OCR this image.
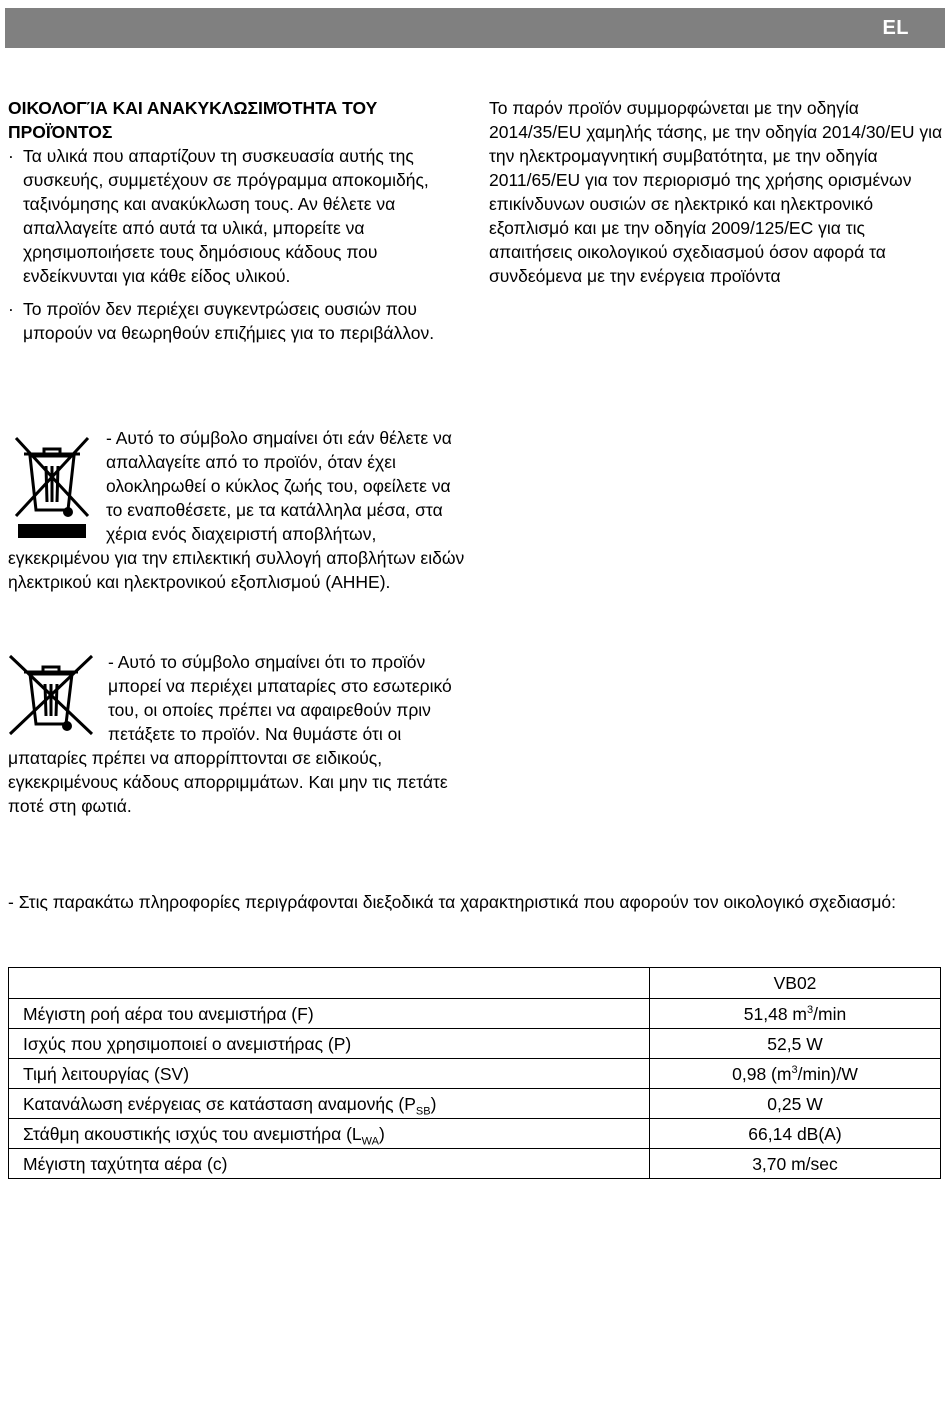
EL

ΟΙΚΟΛΟΓΊΑ ΚΑΙ ΑΝΑΚΥΚΛΩΣΙΜΌΤΗΤΑ ΤΟΥ ΠΡΟΪΌΝΤΟΣ

· Τα υλικά που απαρτίζουν τη συσκευασία αυτής της συσκευής, συμμετέχουν σε πρόγραμμα αποκομιδής, ταξινόμησης και ανακύκλωση τους. Αν θέλετε να απαλλαγείτε από αυτά τα υλικά, μπορείτε να χρησιμοποιήσετε τους δημόσιους κάδους που ενδείκνυνται για κάθε είδος υλικού.

· Το προϊόν δεν περιέχει συγκεντρώσεις ουσιών που μπορούν να θεωρηθούν επιζήμιες για το περιβάλλον.

Το παρόν προϊόν συμμορφώνεται με την οδηγία 2014/35/EU χαμηλής τάσης, με την οδηγία 2014/30/EU για την ηλεκτρομαγνητική συμβατότητα, με την οδηγία 2011/65/EU για τον περιορισμό της χρήσης ορισμένων επικίνδυνων ουσιών σε ηλεκτρικό και ηλεκτρονικό εξοπλισμό και με την οδηγία 2009/125/EC για τις απαιτήσεις οικολογικού σχεδιασμού όσον αφορά τα συνδεόμενα με την ενέργεια προϊόντα

- Αυτό το σύμβολο σημαίνει ότι εάν θέλετε να απαλλαγείτε από το προϊόν, όταν έχει ολοκληρωθεί ο κύκλος ζωής του, οφείλετε να το εναποθέσετε, με τα κατάλληλα μέσα, στα χέρια ενός διαχειριστή αποβλήτων, εγκεκριμένου για την επιλεκτική συλλογή αποβλήτων ειδών ηλεκτρικού και ηλεκτρονικού εξοπλισμού (ΑΗΗΕ).
- Αυτό το σύμβολο σημαίνει ότι το προϊόν μπορεί να περιέχει μπαταρίες στο εσωτερικό του, οι οποίες πρέπει να αφαιρεθούν πριν πετάξετε το προϊόν. Να θυμάστε ότι οι μπαταρίες πρέπει να απορρίπτονται σε ειδικούς, εγκεκριμένους κάδους απορριμμάτων. Και μην τις πετάτε ποτέ στη φωτιά.

- Στις παρακάτω πληροφορίες περιγράφονται διεξοδικά τα χαρακτηριστικά που αφορούν τον οικολογικό σχεδιασμό:

	VB02
Μέγιστη ροή αέρα του ανεμιστήρα (F)	51,48 $m^3/\min$
Ισχύς που χρησιμοποιεί ο ανεμιστήρας (P)	52,5 W
Τιμή λειτουργίας (SV)	0,98 $(m^3/\min)/W$
Κατανάλωση ενέργειας σε κατάσταση αναμονής $(P_{SB})$	0,25 W
Στάθμη ακουστικής ισχύς του ανεμιστήρα $(L_{WA})$	66,14 dB(A)
Μέγιστη ταχύτητα αέρα (c)	3,70 m/sec
